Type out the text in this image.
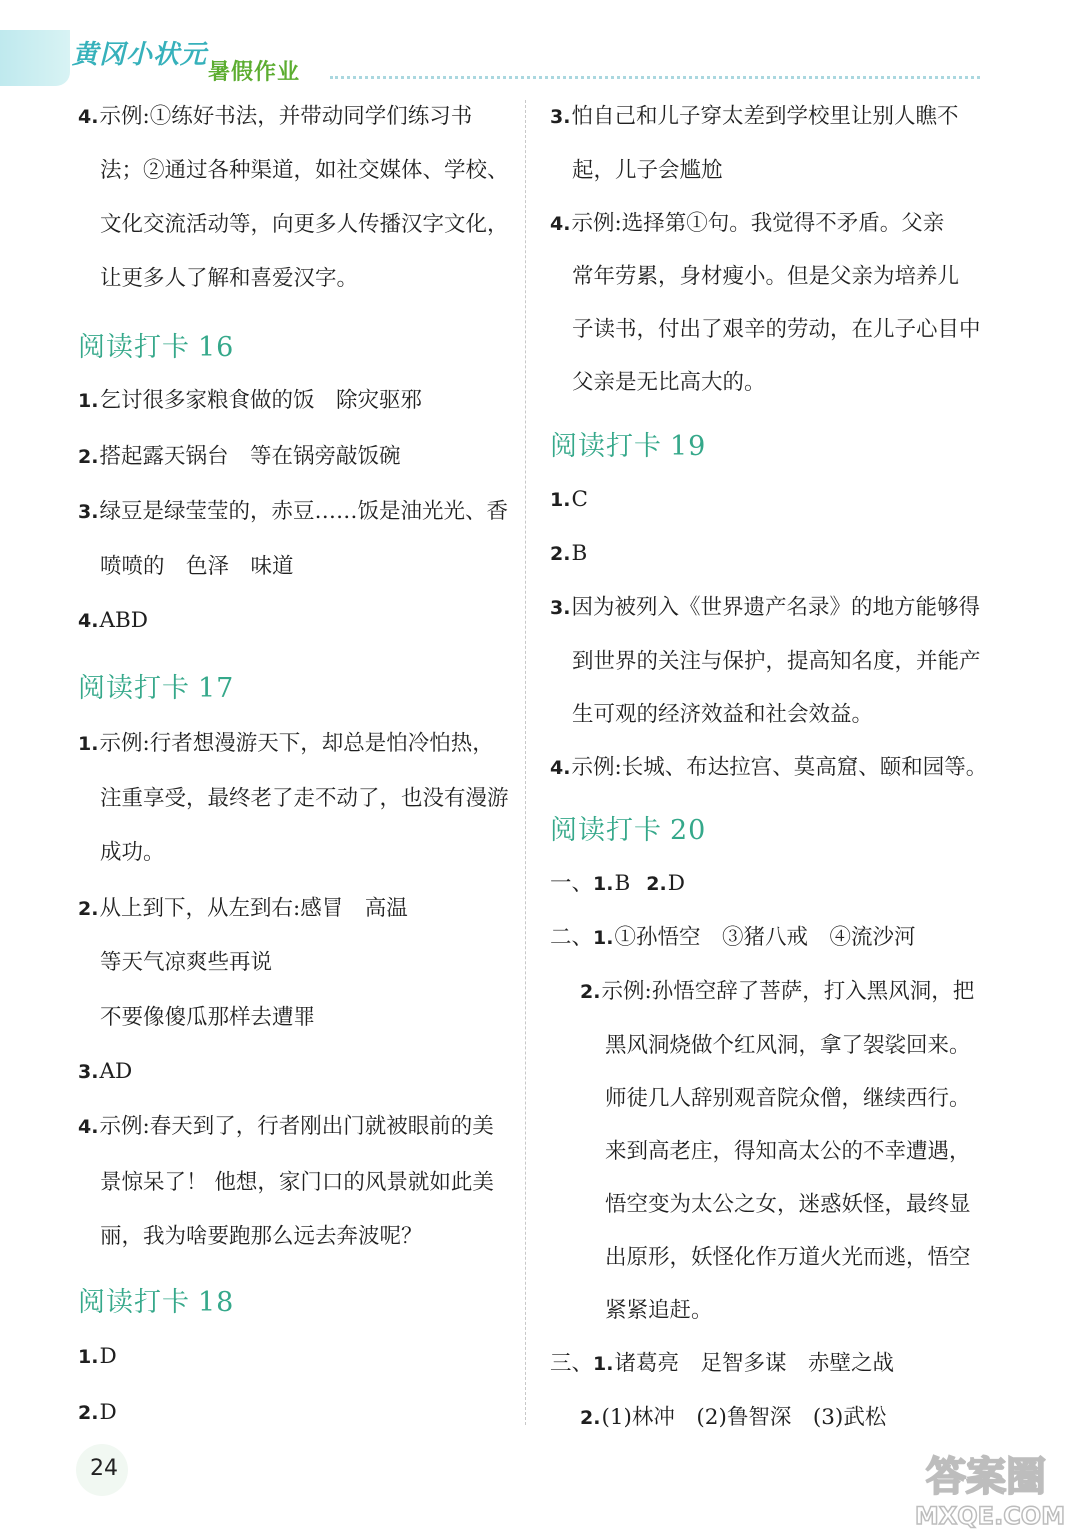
黄冈小状元
暑假作业
4.示例:①练好书法，并带动同学们练习书
法；②通过各种渠道，如社交媒体、学校、
文化交流活动等，向更多人传播汉字文化，
让更多人了解和喜爱汉字。
阅读打卡 16
1.乞讨很多家粮食做的饭　除灾驱邪
2.搭起露天锅台　等在锅旁敲饭碗
3.绿豆是绿莹莹的，赤豆……饭是油光光、香
喷喷的　色泽　味道
4.ABD
阅读打卡 17
1.示例:行者想漫游天下，却总是怕冷怕热，
注重享受，最终老了走不动了，也没有漫游
成功。
2.从上到下，从左到右:感冒　高温
等天气凉爽些再说
不要像傻瓜那样去遭罪
3.AD
4.示例:春天到了，行者刚出门就被眼前的美
景惊呆了！ 他想，家门口的风景就如此美
丽，我为啥要跑那么远去奔波呢？
阅读打卡 18
1.D
2.D
3.怕自己和儿子穿太差到学校里让别人瞧不
起，儿子会尴尬
4.示例:选择第①句。我觉得不矛盾。父亲
常年劳累，身材瘦小。但是父亲为培养儿
子读书，付出了艰辛的劳动，在儿子心目中
父亲是无比高大的。
阅读打卡 19
1.C
2.B
3.因为被列入《世界遗产名录》的地方能够得
到世界的关注与保护，提高知名度，并能产
生可观的经济效益和社会效益。
4.示例:长城、布达拉宫、莫高窟、颐和园等。
阅读打卡 20
一、1.B 2.D
二、1.①孙悟空　③猪八戒　④流沙河
2.示例:孙悟空辞了菩萨，打入黑风洞，把
黑风洞烧做个红风洞，拿了袈裟回来。
师徒几人辞别观音院众僧，继续西行。
来到高老庄，得知高太公的不幸遭遇，
悟空变为太公之女，迷惑妖怪，最终显
出原形，妖怪化作万道火光而逃，悟空
紧紧追赶。
三、1.诸葛亮　足智多谋　赤壁之战
2.(1)林冲　(2)鲁智深　(3)武松
24	答案圈
MXQE.COM
